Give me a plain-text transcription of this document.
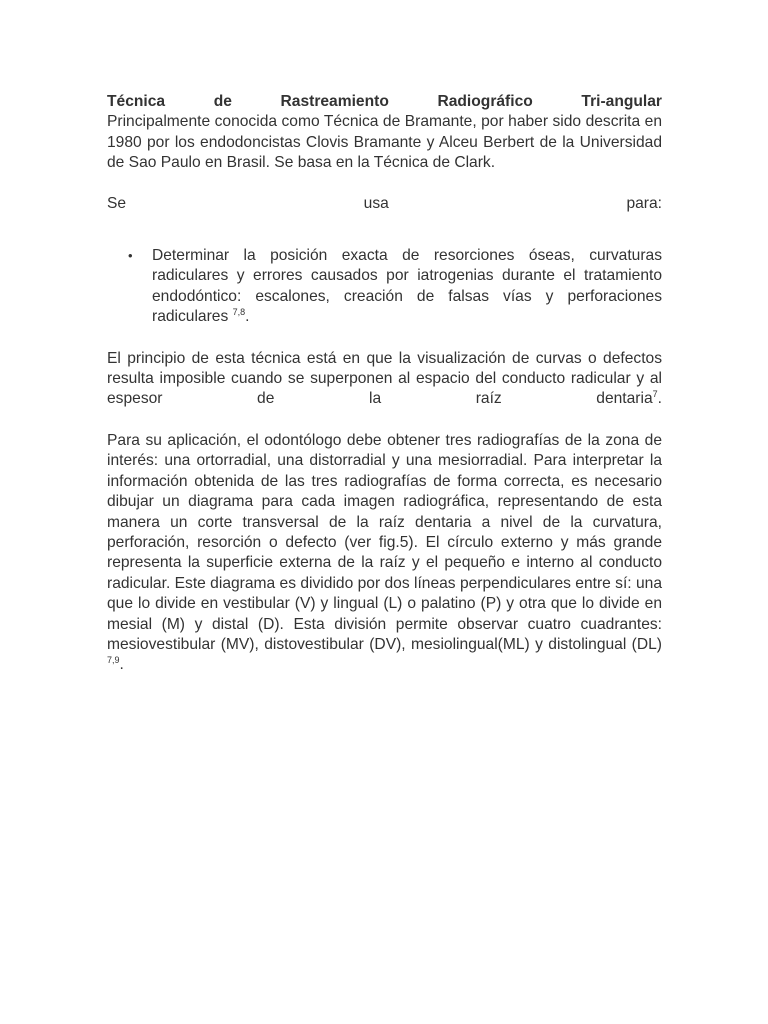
Técnica de Rastreamiento Radiográfico Tri-angular
Principalmente conocida como Técnica de Bramante, por haber sido descrita en 1980 por los endodoncistas Clovis Bramante y Alceu Berbert de la Universidad de Sao Paulo en Brasil. Se basa en la Técnica de Clark.

Se usa para:

• Determinar la posición exacta de resorciones óseas, curvaturas radiculares y errores causados por iatrogenias durante el tratamiento endodóntico: escalones, creación de falsas vías y perforaciones radiculares $^{7,8}$.

El principio de esta técnica está en que la visualización de curvas o defectos resulta imposible cuando se superponen al espacio del conducto radicular y al espesor de la raíz dentaria$^7$.

Para su aplicación, el odontólogo debe obtener tres radiografías de la zona de interés: una ortorradial, una distorradial y una mesiorradial. Para interpretar la información obtenida de las tres radiografías de forma correcta, es necesario dibujar un diagrama para cada imagen radiográfica, representando de esta manera un corte transversal de la raíz dentaria a nivel de la curvatura, perforación, resorción o defecto (ver fig.5). El círculo externo y más grande representa la superficie externa de la raíz y el pequeño e interno al conducto radicular. Este diagrama es dividido por dos líneas perpendiculares entre sí: una que lo divide en vestibular (V) y lingual (L) o palatino (P) y otra que lo divide en mesial (M) y distal (D). Esta división permite observar cuatro cuadrantes: mesiovestibular (MV), distovestibular (DV), mesiolingual(ML) y distolingual (DL) $^{7,9}$.
